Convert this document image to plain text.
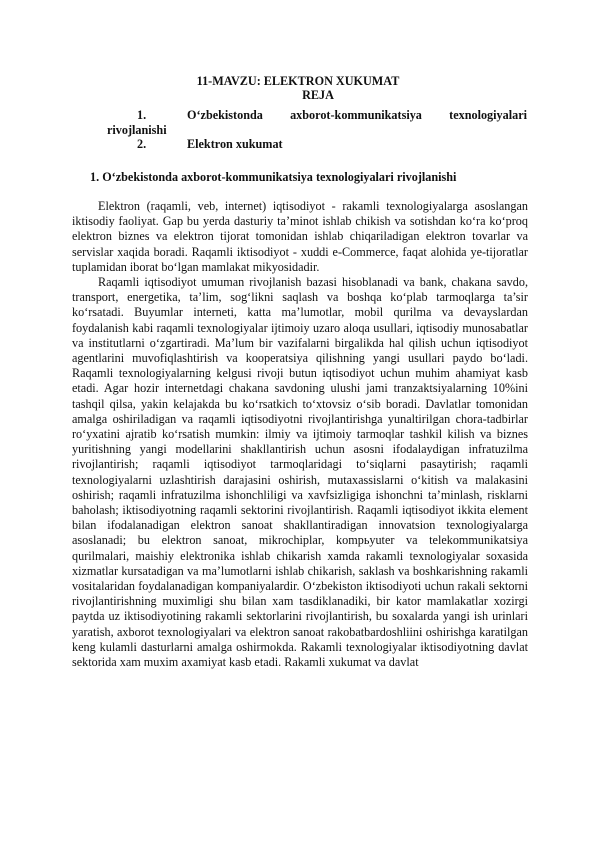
11-MAVZU: ELEKTRON XUKUMAT
REJA
1.	O‘zbekistonda axborot-kommunikatsiya texnologiyalari
rivojlanishi
2.	Elektron xukumat
1. O‘zbekistonda axborot-kommunikatsiya texnologiyalari rivojlanishi

Elektron (raqamli, veb, internet) iqtisodiyot - rakamli texnologiyalarga asoslangan iktisodiy faoliyat. Gap bu yerda dasturiy ta’minot ishlab chikish va sotishdan ko‘ra ko‘proq elektron biznes va elektron tijorat tomonidan ishlab chiqariladigan elektron tovarlar va servislar xaqida boradi. Raqamli iktisodiyot - xuddi e-Commerce, faqat alohida ye-tijoratlar tuplamidan iborat bo‘lgan mamlakat mikyosidadir.

Raqamli iqtisodiyot umuman rivojlanish bazasi hisoblanadi va bank, chakana savdo, transport, energetika, ta’lim, sog‘likni saqlash va boshqa ko‘plab tarmoqlarga ta’sir ko‘rsatadi. Buyumlar interneti, katta ma’lumotlar, mobil qurilma va devayslardan foydalanish kabi raqamli texnologiyalar ijtimoiy uzaro aloqa usullari, iqtisodiy munosabatlar va institutlarni o‘zgartiradi. Ma’lum bir vazifalarni birgalikda hal qilish uchun iqtisodiyot agentlarini muvofiqlashtirish va kooperatsiya qilishning yangi usullari paydo bo‘ladi. Raqamli texnologiyalarning kelgusi rivoji butun iqtisodiyot uchun muhim ahamiyat kasb etadi. Agar hozir internetdagi chakana savdoning ulushi jami tranzaktsiyalarning 10%ini tashqil qilsa, yakin kelajakda bu ko‘rsatkich to‘xtovsiz o‘sib boradi. Davlatlar tomonidan amalga oshiriladigan va raqamli iqtisodiyotni rivojlantirishga yunaltirilgan chora-tadbirlar ro‘yxatini ajratib ko‘rsatish mumkin: ilmiy va ijtimoiy tarmoqlar tashkil kilish va biznes yuritishning yangi modellarini shakllantirish uchun asosni ifodalaydigan infratuzilma rivojlantirish; raqamli iqtisodiyot tarmoqlaridagi to‘siqlarni pasaytirish; raqamli texnologiyalarni uzlashtirish darajasini oshirish, mutaxassislarni o‘kitish va malakasini oshirish; raqamli infratuzilma ishonchliligi va xavfsizligiga ishonchni ta’minlash, risklarni baholash; iktisodiyotning raqamli sektorini rivojlantirish. Raqamli iqtisodiyot ikkita element bilan ifodalanadigan elektron sanoat shakllantiradigan innovatsion texnologiyalarga asoslanadi; bu elektron sanoat, mikrochiplar, kompьyuter va telekommunikatsiya qurilmalari, maishiy elektronika ishlab chikarish xamda rakamli texnologiyalar soxasida xizmatlar kursatadigan va ma’lumotlarni ishlab chikarish, saklash va boshkarishning rakamli vositalaridan foydalanadigan kompaniyalardir. O‘zbekiston iktisodiyoti uchun rakali sektorni rivojlantirishning muximligi shu bilan xam tasdiklanadiki, bir kator mamlakatlar xozirgi paytda uz iktisodiyotining rakamli sektorlarini rivojlantirish, bu soxalarda yangi ish urinlari yaratish, axborot texnologiyalari va elektron sanoat rakobatbardoshliini oshirishga karatilgan keng kulamli dasturlarni amalga oshirmokda. Rakamli texnologiyalar iktisodiyotning davlat sektorida xam muxim axamiyat kasb etadi. Rakamli xukumat va davlat
